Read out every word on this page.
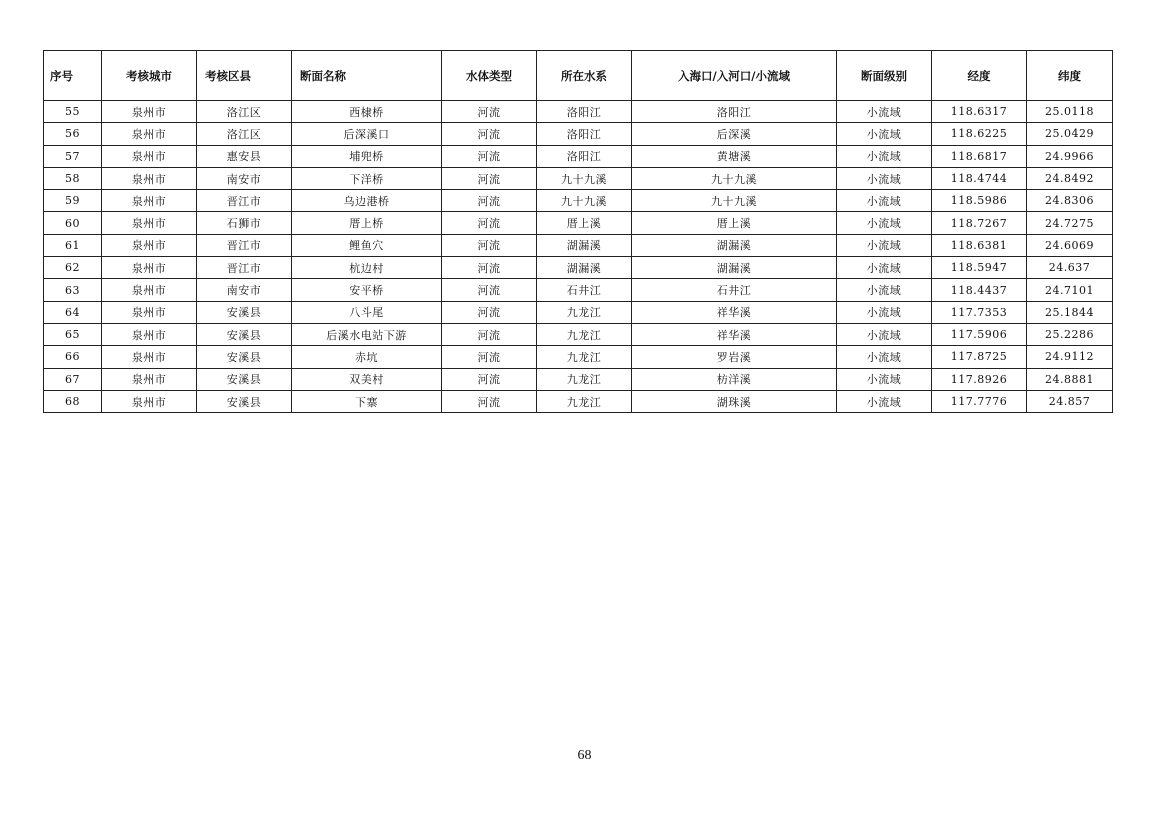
序号	考核城市	考核区县	断面名称	水体类型	所在水系	入海口/入河口/小流域	断面级别	经度	纬度
55	泉州市	洛江区	西棣桥	河流	洛阳江	洛阳江	小流域	118.6317	25.0118
56	泉州市	洛江区	后深溪口	河流	洛阳江	后深溪	小流域	118.6225	25.0429
57	泉州市	惠安县	埔兜桥	河流	洛阳江	黄塘溪	小流域	118.6817	24.9966
58	泉州市	南安市	下洋桥	河流	九十九溪	九十九溪	小流域	118.4744	24.8492
59	泉州市	晋江市	乌边港桥	河流	九十九溪	九十九溪	小流域	118.5986	24.8306
60	泉州市	石狮市	厝上桥	河流	厝上溪	厝上溪	小流域	118.7267	24.7275
61	泉州市	晋江市	鲤鱼穴	河流	湖漏溪	湖漏溪	小流域	118.6381	24.6069
62	泉州市	晋江市	杭边村	河流	湖漏溪	湖漏溪	小流域	118.5947	24.637
63	泉州市	南安市	安平桥	河流	石井江	石井江	小流域	118.4437	24.7101
64	泉州市	安溪县	八斗尾	河流	九龙江	祥华溪	小流域	117.7353	25.1844
65	泉州市	安溪县	后溪水电站下游	河流	九龙江	祥华溪	小流域	117.5906	25.2286
66	泉州市	安溪县	赤坑	河流	九龙江	罗岩溪	小流域	117.8725	24.9112
67	泉州市	安溪县	双美村	河流	九龙江	枋洋溪	小流域	117.8926	24.8881
68	泉州市	安溪县	下寨	河流	九龙江	湖珠溪	小流域	117.7776	24.857
68
